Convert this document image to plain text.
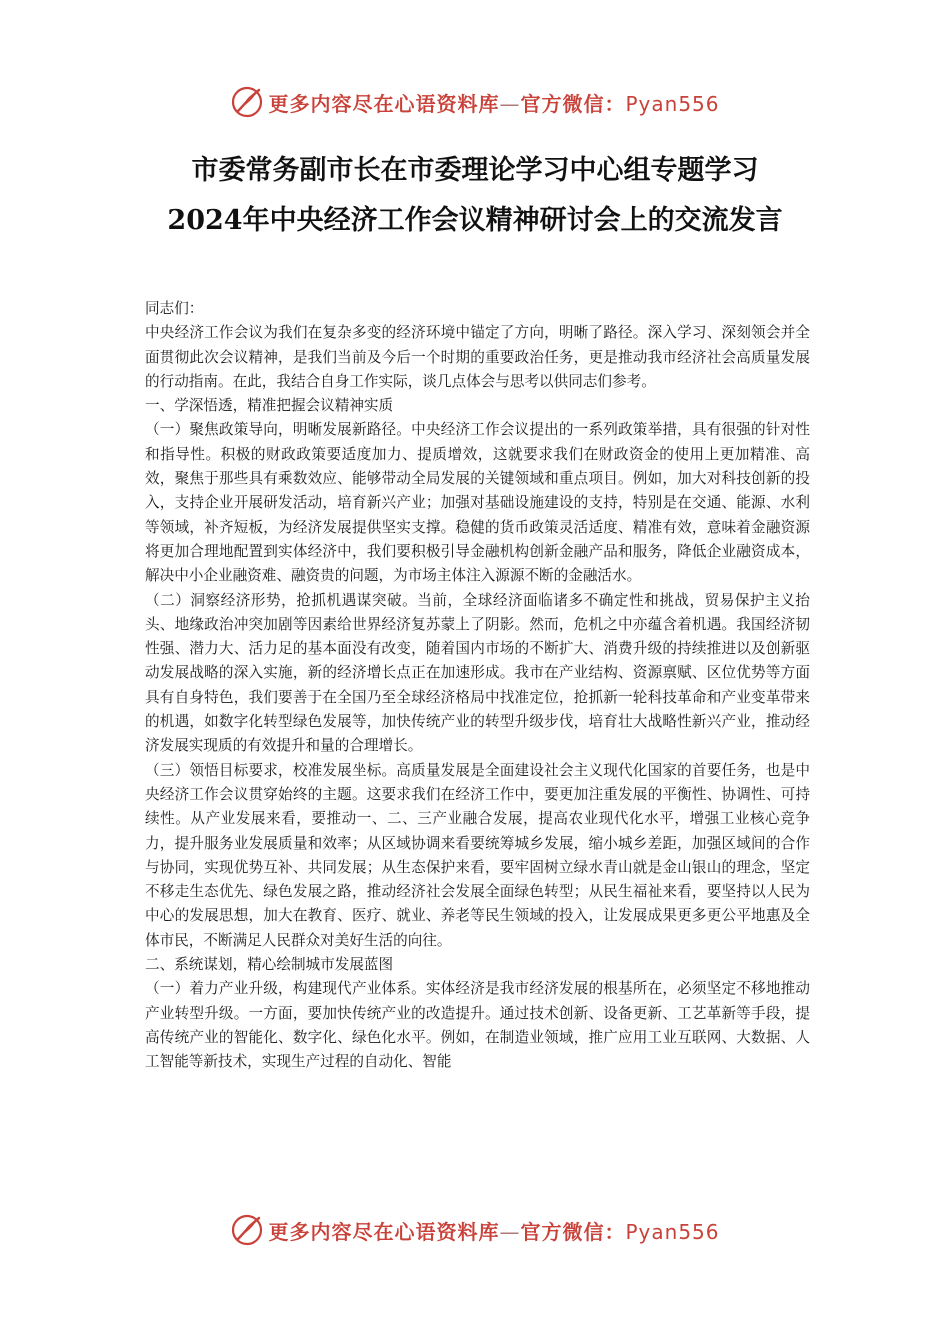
更多内容尽在心语资料库—官方微信：Pyan556
市委常务副市长在市委理论学习中心组专题学习
2024年中央经济工作会议精神研讨会上的交流发言

同志们：

中央经济工作会议为我们在复杂多变的经济环境中锚定了方向，明晰了路径。深入学习、深刻领会并全面贯彻此次会议精神，是我们当前及今后一个时期的重要政治任务，更是推动我市经济社会高质量发展的行动指南。在此，我结合自身工作实际，谈几点体会与思考以供同志们参考。

一、学深悟透，精准把握会议精神实质

（一）聚焦政策导向，明晰发展新路径。中央经济工作会议提出的一系列政策举措，具有很强的针对性和指导性。积极的财政政策要适度加力、提质增效，这就要求我们在财政资金的使用上更加精准、高效，聚焦于那些具有乘数效应、能够带动全局发展的关键领域和重点项目。例如，加大对科技创新的投入，支持企业开展研发活动，培育新兴产业；加强对基础设施建设的支持，特别是在交通、能源、水利等领域，补齐短板，为经济发展提供坚实支撑。稳健的货币政策灵活适度、精准有效，意味着金融资源将更加合理地配置到实体经济中，我们要积极引导金融机构创新金融产品和服务，降低企业融资成本，解决中小企业融资难、融资贵的问题，为市场主体注入源源不断的金融活水。

（二）洞察经济形势，抢抓机遇谋突破。当前，全球经济面临诸多不确定性和挑战，贸易保护主义抬头、地缘政治冲突加剧等因素给世界经济复苏蒙上了阴影。然而，危机之中亦蕴含着机遇。我国经济韧性强、潜力大、活力足的基本面没有改变，随着国内市场的不断扩大、消费升级的持续推进以及创新驱动发展战略的深入实施，新的经济增长点正在加速形成。我市在产业结构、资源禀赋、区位优势等方面具有自身特色，我们要善于在全国乃至全球经济格局中找准定位，抢抓新一轮科技革命和产业变革带来的机遇，如数字化转型绿色发展等，加快传统产业的转型升级步伐，培育壮大战略性新兴产业，推动经济发展实现质的有效提升和量的合理增长。

（三）领悟目标要求，校准发展坐标。高质量发展是全面建设社会主义现代化国家的首要任务，也是中央经济工作会议贯穿始终的主题。这要求我们在经济工作中，要更加注重发展的平衡性、协调性、可持续性。从产业发展来看，要推动一、二、三产业融合发展，提高农业现代化水平，增强工业核心竞争力，提升服务业发展质量和效率；从区域协调来看要统筹城乡发展，缩小城乡差距，加强区域间的合作与协同，实现优势互补、共同发展；从生态保护来看，要牢固树立绿水青山就是金山银山的理念，坚定不移走生态优先、绿色发展之路，推动经济社会发展全面绿色转型；从民生福祉来看，要坚持以人民为中心的发展思想，加大在教育、医疗、就业、养老等民生领域的投入，让发展成果更多更公平地惠及全体市民，不断满足人民群众对美好生活的向往。

二、系统谋划，精心绘制城市发展蓝图

（一）着力产业升级，构建现代产业体系。实体经济是我市经济发展的根基所在，必须坚定不移地推动产业转型升级。一方面，要加快传统产业的改造提升。通过技术创新、设备更新、工艺革新等手段，提高传统产业的智能化、数字化、绿色化水平。例如，在制造业领域，推广应用工业互联网、大数据、人工智能等新技术，实现生产过程的自动化、智能

更多内容尽在心语资料库—官方微信：Pyan556
